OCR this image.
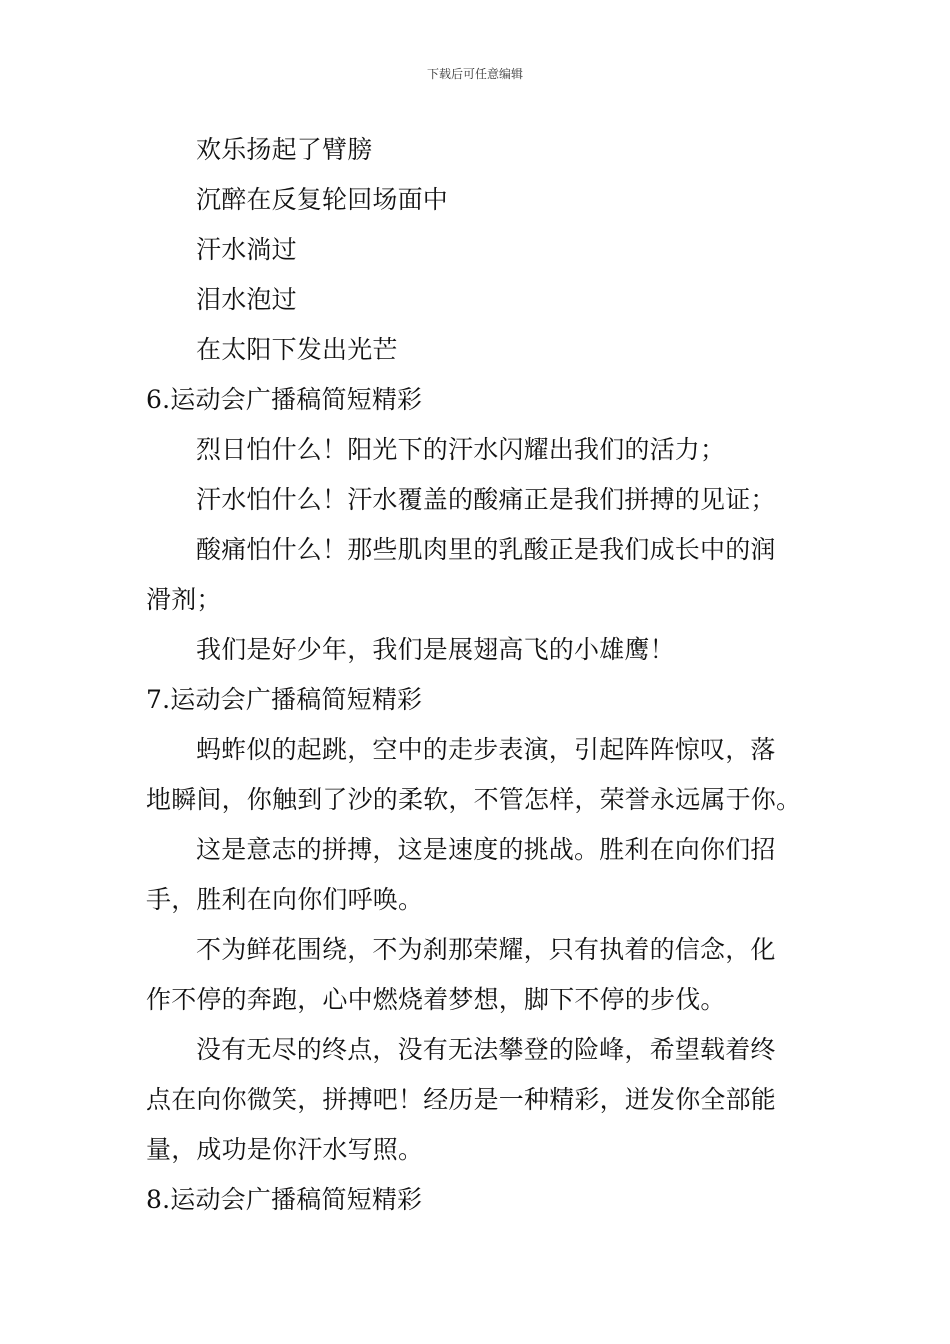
下载后可任意编辑
欢乐扬起了臂膀
沉醉在反复轮回场面中
汗水淌过
泪水泡过
在太阳下发出光芒
6.运动会广播稿简短精彩
烈日怕什么！阳光下的汗水闪耀出我们的活力；
汗水怕什么！汗水覆盖的酸痛正是我们拼搏的见证；
酸痛怕什么！那些肌肉里的乳酸正是我们成长中的润
滑剂；
我们是好少年，我们是展翅高飞的小雄鹰！
7.运动会广播稿简短精彩
蚂蚱似的起跳，空中的走步表演，引起阵阵惊叹，落
地瞬间，你触到了沙的柔软，不管怎样，荣誉永远属于你。
这是意志的拼搏，这是速度的挑战。胜利在向你们招
手，胜利在向你们呼唤。
不为鲜花围绕，不为刹那荣耀，只有执着的信念，化
作不停的奔跑，心中燃烧着梦想，脚下不停的步伐。
没有无尽的终点，没有无法攀登的险峰，希望载着终
点在向你微笑，拼搏吧！经历是一种精彩，迸发你全部能
量，成功是你汗水写照。
8.运动会广播稿简短精彩
